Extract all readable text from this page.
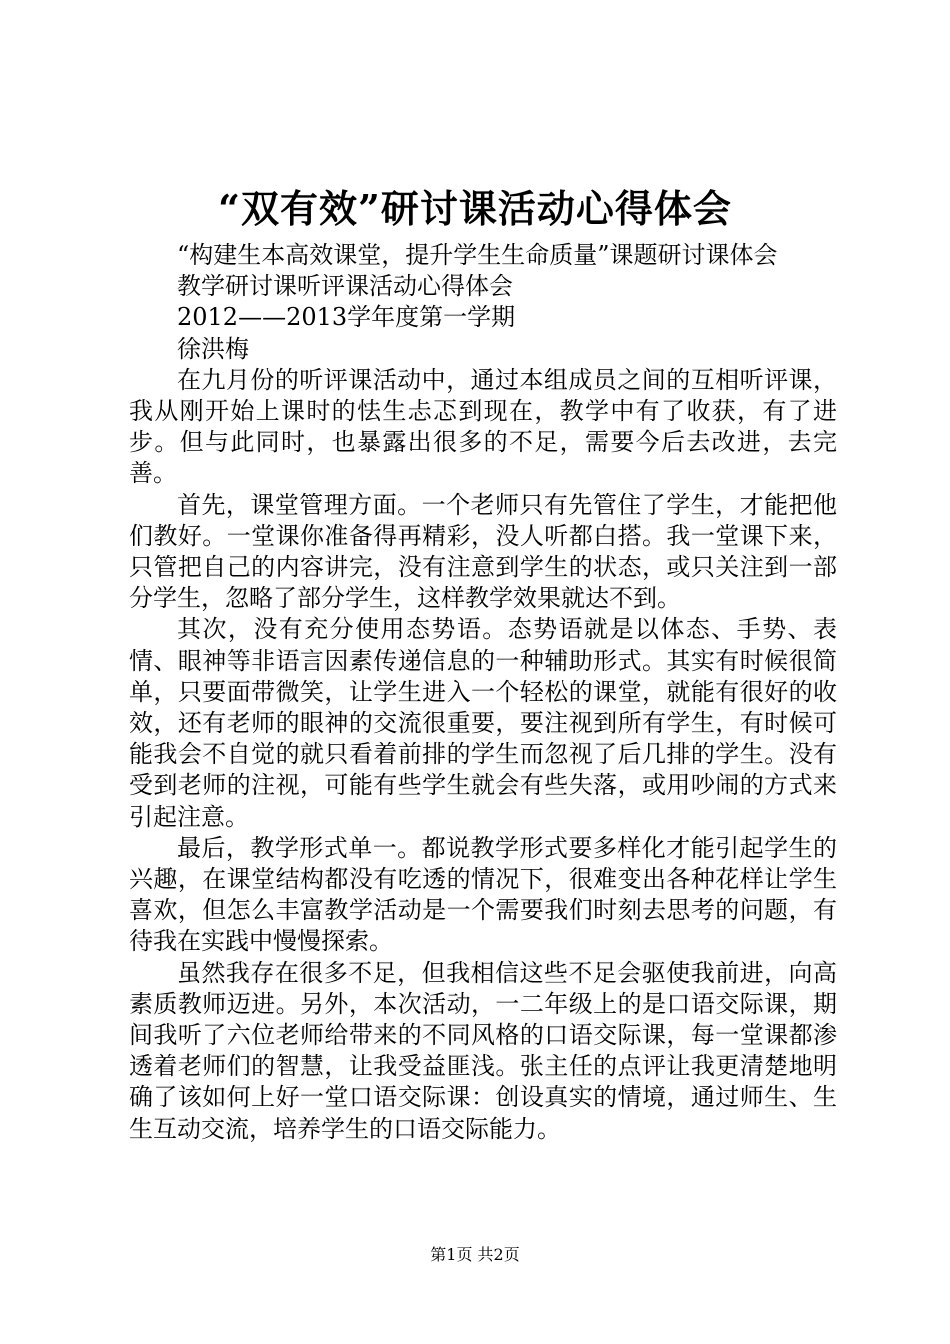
“双有效”研讨课活动心得体会

“构建生本高效课堂，提升学生生命质量”课题研讨课体会

教学研讨课听评课活动心得体会

2012——2013学年度第一学期

徐洪梅

在九月份的听评课活动中，通过本组成员之间的互相听评课，我从刚开始上课时的怯生忐忑到现在，教学中有了收获，有了进步。但与此同时，也暴露出很多的不足，需要今后去改进，去完善。

首先，课堂管理方面。一个老师只有先管住了学生，才能把他们教好。一堂课你准备得再精彩，没人听都白搭。我一堂课下来，只管把自己的内容讲完，没有注意到学生的状态，或只关注到一部分学生，忽略了部分学生，这样教学效果就达不到。

其次，没有充分使用态势语。态势语就是以体态、手势、表情、眼神等非语言因素传递信息的一种辅助形式。其实有时候很简单，只要面带微笑，让学生进入一个轻松的课堂，就能有很好的收效，还有老师的眼神的交流很重要，要注视到所有学生，有时候可能我会不自觉的就只看着前排的学生而忽视了后几排的学生。没有受到老师的注视，可能有些学生就会有些失落，或用吵闹的方式来引起注意。

最后，教学形式单一。都说教学形式要多样化才能引起学生的兴趣，在课堂结构都没有吃透的情况下，很难变出各种花样让学生喜欢，但怎么丰富教学活动是一个需要我们时刻去思考的问题，有待我在实践中慢慢探索。

虽然我存在很多不足，但我相信这些不足会驱使我前进，向高素质教师迈进。另外，本次活动，一二年级上的是口语交际课，期间我听了六位老师给带来的不同风格的口语交际课，每一堂课都渗透着老师们的智慧，让我受益匪浅。张主任的点评让我更清楚地明确了该如何上好一堂口语交际课：创设真实的情境，通过师生、生生互动交流，培养学生的口语交际能力。

第1页 共2页
